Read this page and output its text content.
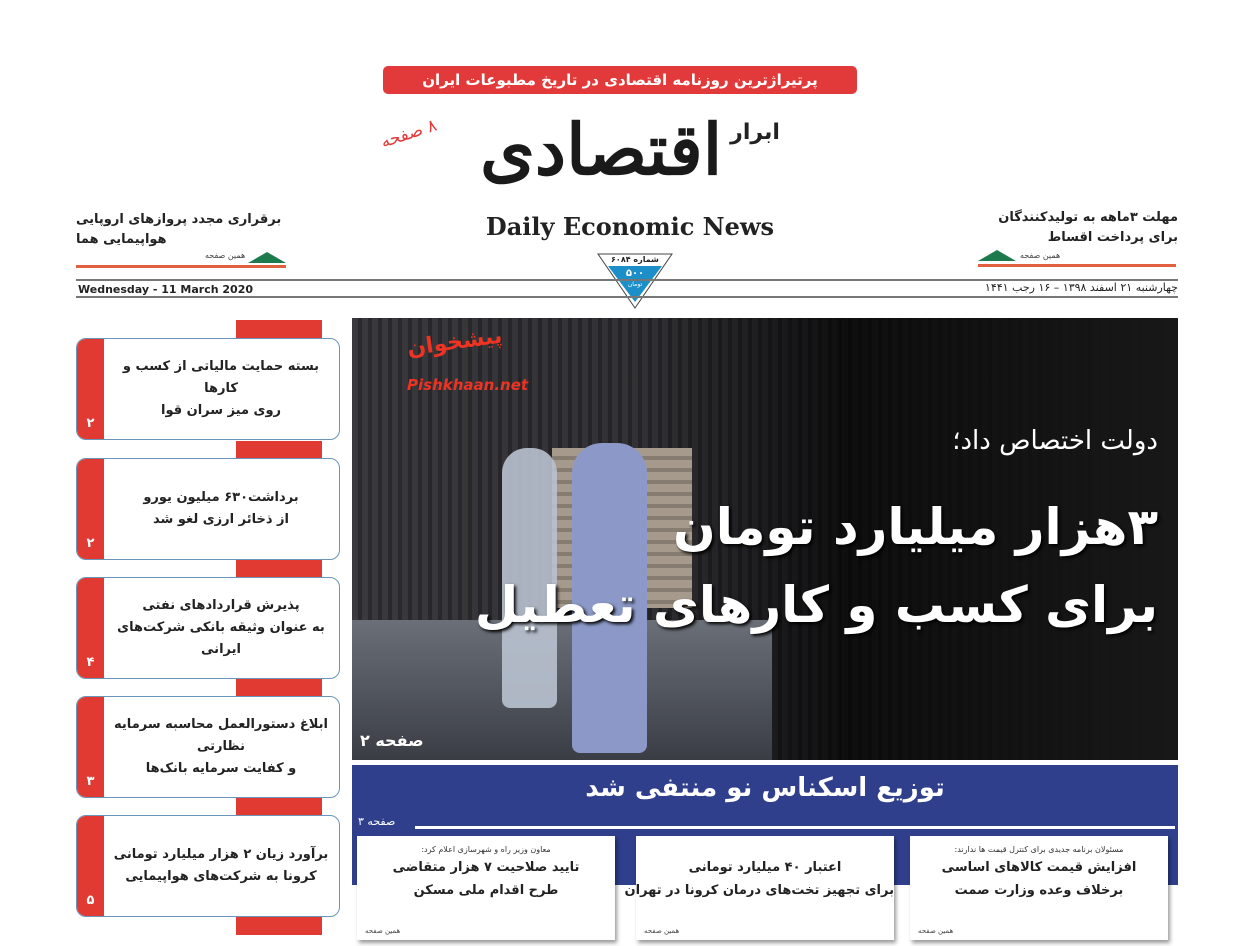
پرتیراژترین روزنامه اقتصادی در تاریخ مطبوعات ایران
۸ صفحه	ابرار
اقتصادی
Daily Economic News
شماره ۶۰۸۴
۵۰۰
تومان
برقراری مجدد پروازهای اروپایی
هواپیمایی هما
همین صفحه
مهلت ۳ماهه به تولیدکنندگان
برای پرداخت اقساط
همین صفحه
Wednesday - 11 March 2020	چهارشنبه ۲۱ اسفند ۱۳۹۸ – ۱۶ رجب ۱۴۴۱
۲
بسته حمایت مالیاتی از کسب و کارها
روی میز سران قوا
۲
برداشت۶۳۰ میلیون یورو
از ذخائر ارزی لغو شد
۴
پذیرش قراردادهای نفتی
به عنوان وثیقه بانکی شرکت‌های ایرانی
۳
ابلاغ دستورالعمل محاسبه سرمایه نظارتی
و کفایت سرمایه بانک‌ها
۵
برآورد زیان ۲ هزار میلیارد تومانی
کرونا به شرکت‌های هواپیمایی
پیشخوان
Pishkhaan.net
دولت اختصاص داد؛
۳هزار میلیارد تومان
برای کسب و کارهای تعطیل
صفحه ۲
توزیع اسکناس نو منتفی شد
صفحه ۳
مسئولان برنامه جدیدی برای کنترل قیمت ها ندارند:
افزایش قیمت کالاهای اساسی
برخلاف وعده وزارت صمت
همین صفحه
اعتبار ۴۰ میلیارد تومانی
برای تجهیز تخت‌های درمان کرونا در تهران
همین صفحه
معاون وزیر راه و شهرسازی اعلام کرد:
تایید صلاحیت ۷ هزار متقاضی
طرح اقدام ملی مسکن
همین صفحه
